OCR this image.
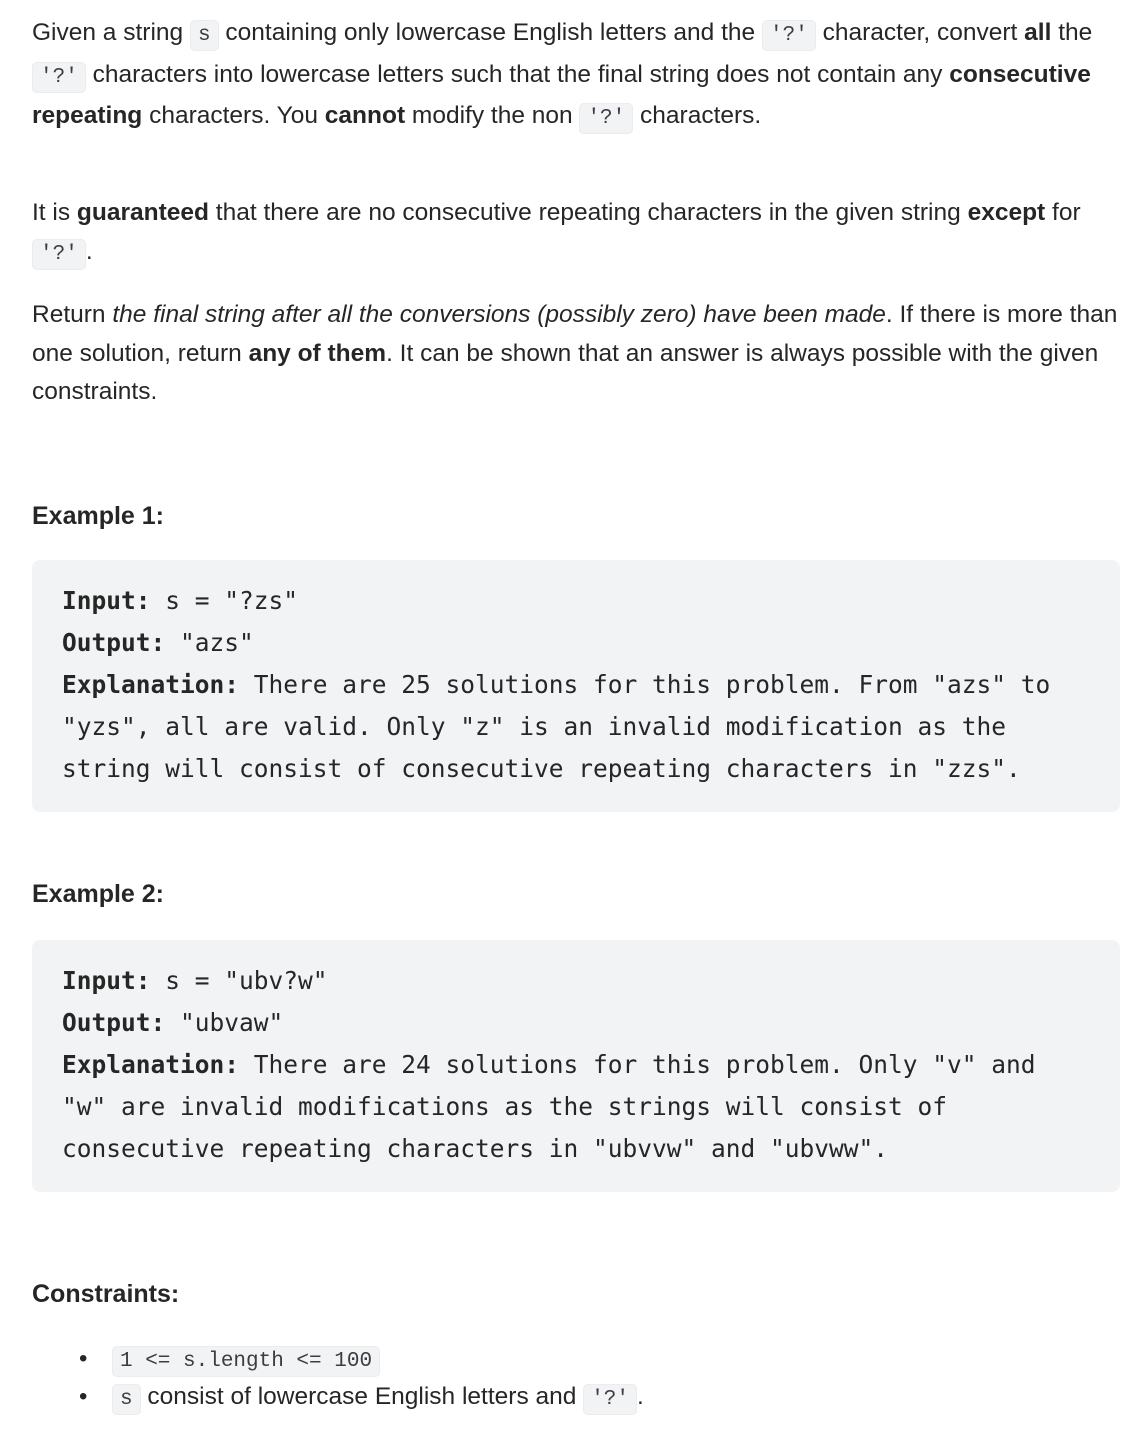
Given a string s containing only lowercase English letters and the '?' character, convert all the '?' characters into lowercase letters such that the final string does not contain any consecutive repeating characters. You cannot modify the non '?' characters.

It is guaranteed that there are no consecutive repeating characters in the given string except for '?' .

Return the final string after all the conversions (possibly zero) have been made. If there is more than one solution, return any of them. It can be shown that an answer is always possible with the given constraints.

Example 1:
Input: s = "?zs"
Output: "azs"
Explanation: There are 25 solutions for this problem. From "azs" to "yzs", all are valid. Only "z" is an invalid modification as the string will consist of consecutive repeating characters in "zzs".
Example 2:
Input: s = "ubv?w"
Output: "ubvaw"
Explanation: There are 24 solutions for this problem. Only "v" and "w" are invalid modifications as the strings will consist of consecutive repeating characters in "ubvvw" and "ubvww".
Constraints:
• 1 <= s.length <= 100
• s consist of lowercase English letters and '?' .
